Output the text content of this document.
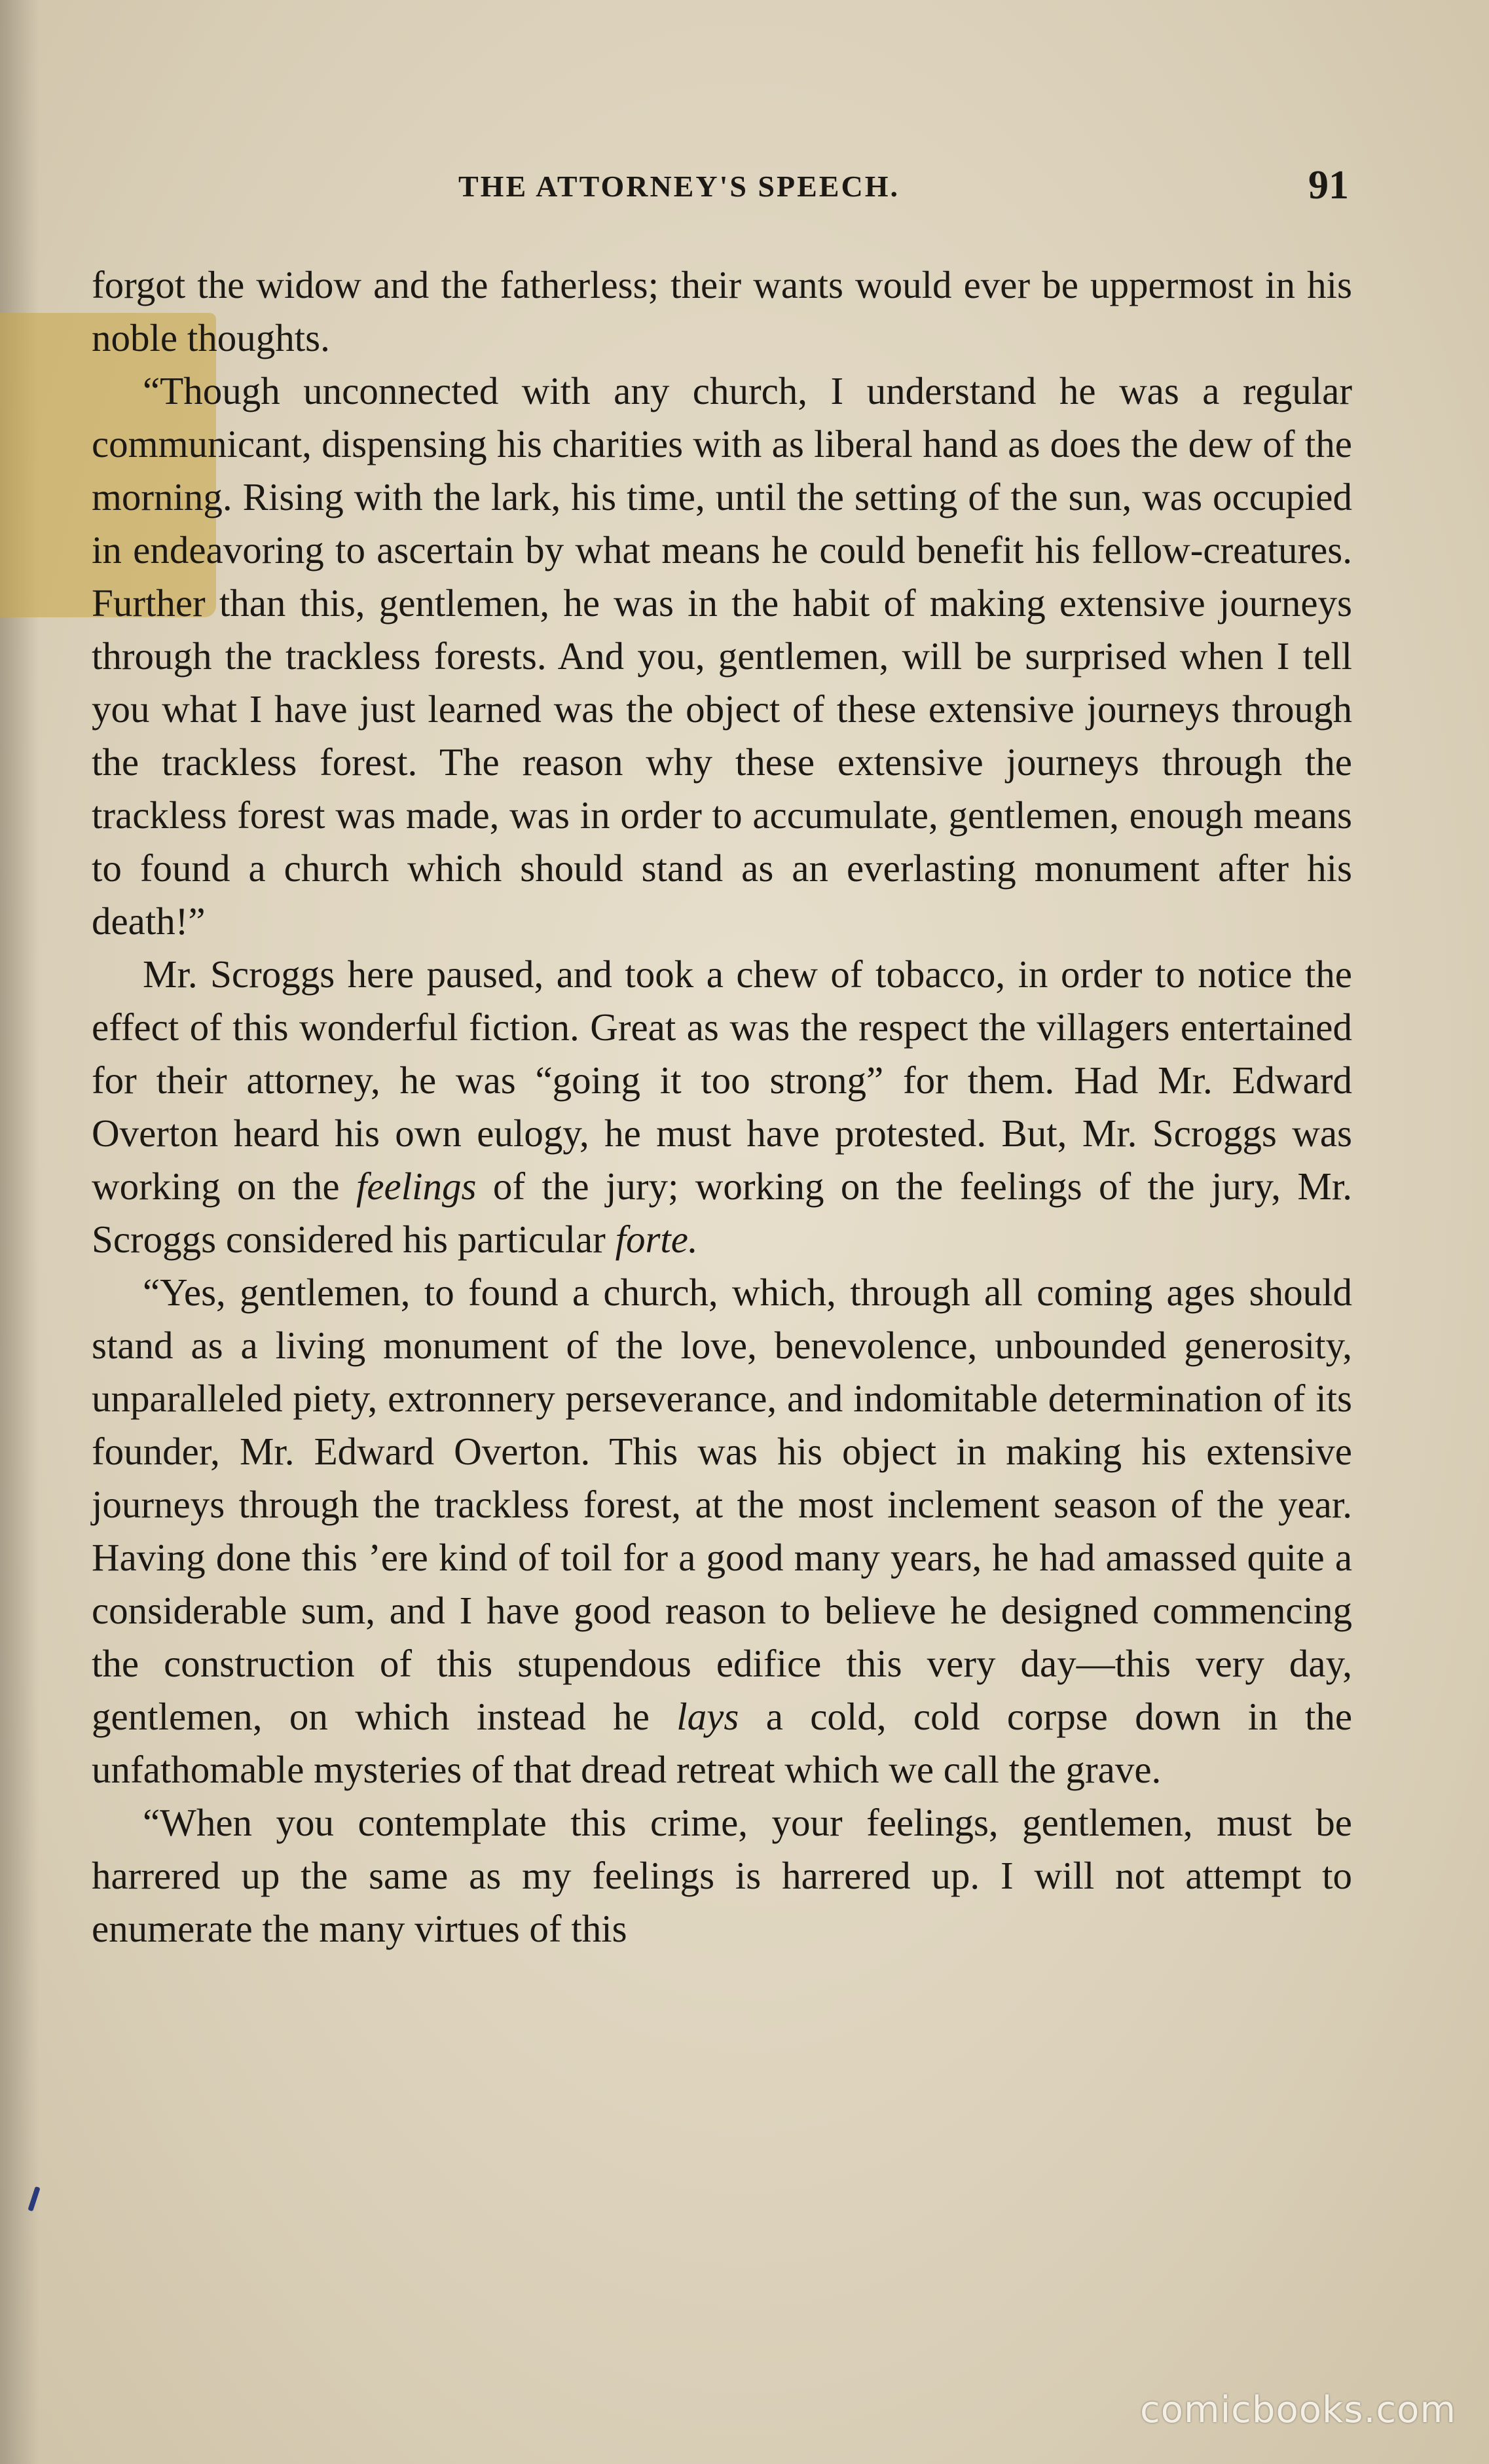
THE ATTORNEY'S SPEECH.	91

forgot the widow and the fatherless; their wants would ever be uppermost in his noble thoughts.

“Though unconnected with any church, I understand he was a regular communicant, dispensing his charities with as liberal hand as does the dew of the morning. Rising with the lark, his time, until the setting of the sun, was occupied in endeavoring to ascertain by what means he could benefit his fellow-creatures. Further than this, gentlemen, he was in the habit of making extensive journeys through the trackless forests. And you, gentlemen, will be surprised when I tell you what I have just learned was the object of these extensive journeys through the trackless forest. The reason why these extensive journeys through the trackless forest was made, was in order to accumulate, gentlemen, enough means to found a church which should stand as an everlasting monument after his death!”

Mr. Scroggs here paused, and took a chew of tobacco, in order to notice the effect of this wonderful fiction. Great as was the respect the villagers entertained for their attorney, he was “going it too strong” for them. Had Mr. Edward Overton heard his own eulogy, he must have protested. But, Mr. Scroggs was working on the feelings of the jury; working on the feelings of the jury, Mr. Scroggs considered his particular forte.

“Yes, gentlemen, to found a church, which, through all coming ages should stand as a living monument of the love, benevolence, unbounded generosity, unparalleled piety, extronnery perseverance, and indomitable determination of its founder, Mr. Edward Overton. This was his object in making his extensive journeys through the trackless forest, at the most inclement season of the year. Having done this ’ere kind of toil for a good many years, he had amassed quite a considerable sum, and I have good reason to believe he designed commencing the construction of this stupendous edifice this very day—this very day, gentlemen, on which instead he lays a cold, cold corpse down in the unfathomable mysteries of that dread retreat which we call the grave.

“When you contemplate this crime, your feelings, gentlemen, must be harrered up the same as my feelings is harrered up. I will not attempt to enumerate the many virtues of this

comicbooks.com
